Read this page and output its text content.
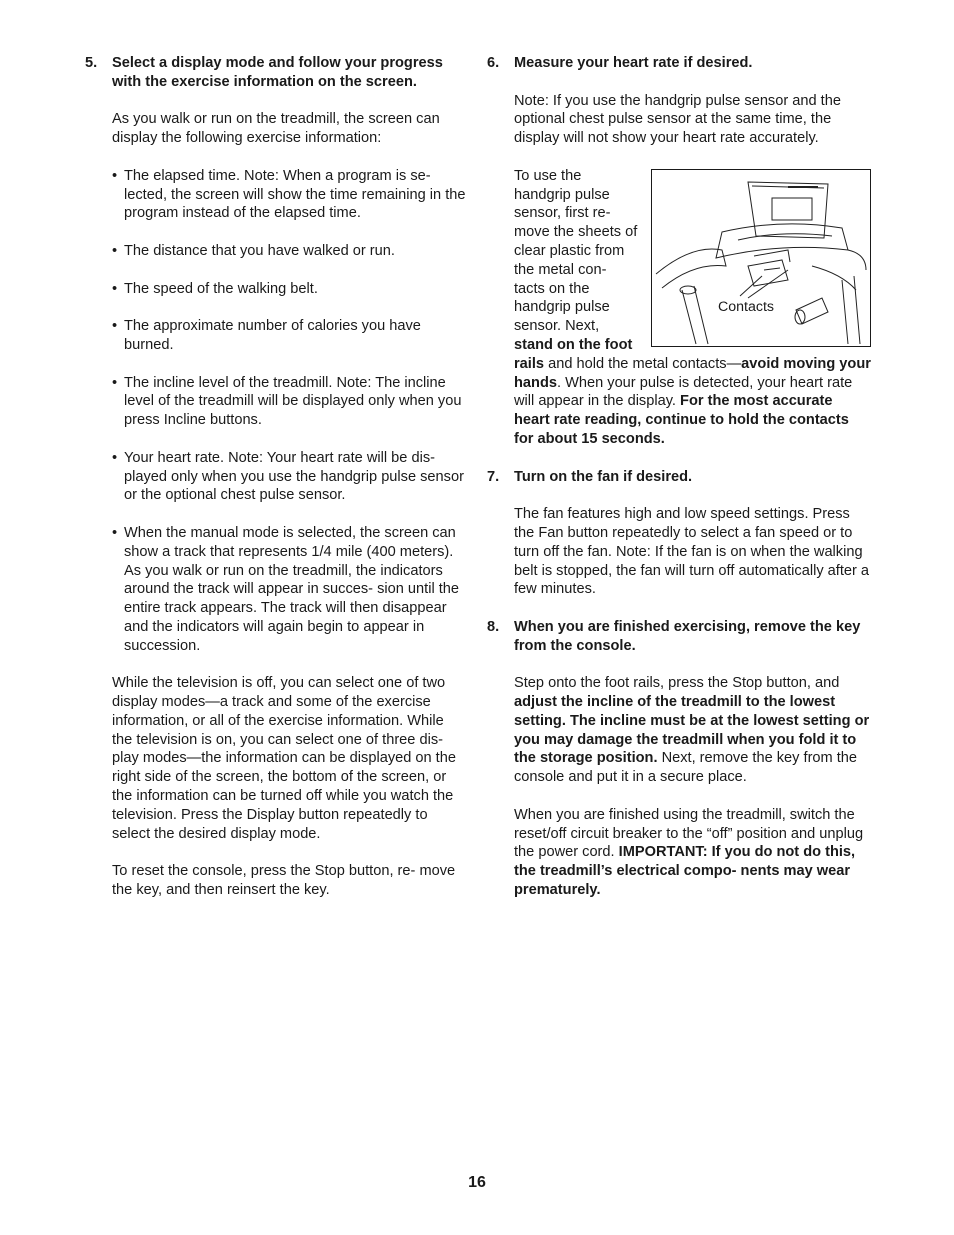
5. Select a display mode and follow your progress with the exercise information on the screen.

As you walk or run on the treadmill, the screen can display the following exercise information:

• The elapsed time. Note: When a program is se- lected, the screen will show the time remaining in the program instead of the elapsed time.
• The distance that you have walked or run.
• The speed of the walking belt.
• The approximate number of calories you have burned.
• The incline level of the treadmill. Note: The incline level of the treadmill will be displayed only when you press Incline buttons.
• Your heart rate. Note: Your heart rate will be dis- played only when you use the handgrip pulse sensor or the optional chest pulse sensor.
• When the manual mode is selected, the screen can show a track that represents 1/4 mile (400 meters). As you walk or run on the treadmill, the indicators around the track will appear in succes- sion until the entire track appears. The track will then disappear and the indicators will again begin to appear in succession.

While the television is off, you can select one of two display modes—a track and some of the exercise information, or all of the exercise information. While the television is on, you can select one of three dis- play modes—the information can be displayed on the right side of the screen, the bottom of the screen, or the information can be turned off while you watch the television. Press the Display button repeatedly to select the desired display mode.

To reset the console, press the Stop button, re- move the key, and then reinsert the key.

6. Measure your heart rate if desired.

Note: If you use the handgrip pulse sensor and the optional chest pulse sensor at the same time, the display will not show your heart rate accurately.

Contacts

To use the handgrip pulse sensor, first re- move the sheets of clear plastic from the metal con- tacts on the handgrip pulse sensor. Next, stand on the foot rails and hold the metal contacts—avoid moving your hands. When your pulse is detected, your heart rate will appear in the display. For the most accurate heart rate reading, continue to hold the contacts for about 15 seconds.

7. Turn on the fan if desired.

The fan features high and low speed settings. Press the Fan button repeatedly to select a fan speed or to turn off the fan. Note: If the fan is on when the walking belt is stopped, the fan will turn off automatically after a few minutes.

8. When you are finished exercising, remove the key from the console.

Step onto the foot rails, press the Stop button, and adjust the incline of the treadmill to the lowest setting. The incline must be at the lowest setting or you may damage the treadmill when you fold it to the storage position. Next, remove the key from the console and put it in a secure place.

When you are finished using the treadmill, switch the reset/off circuit breaker to the “off” position and unplug the power cord. IMPORTANT: If you do not do this, the treadmill’s electrical compo- nents may wear prematurely.

16
